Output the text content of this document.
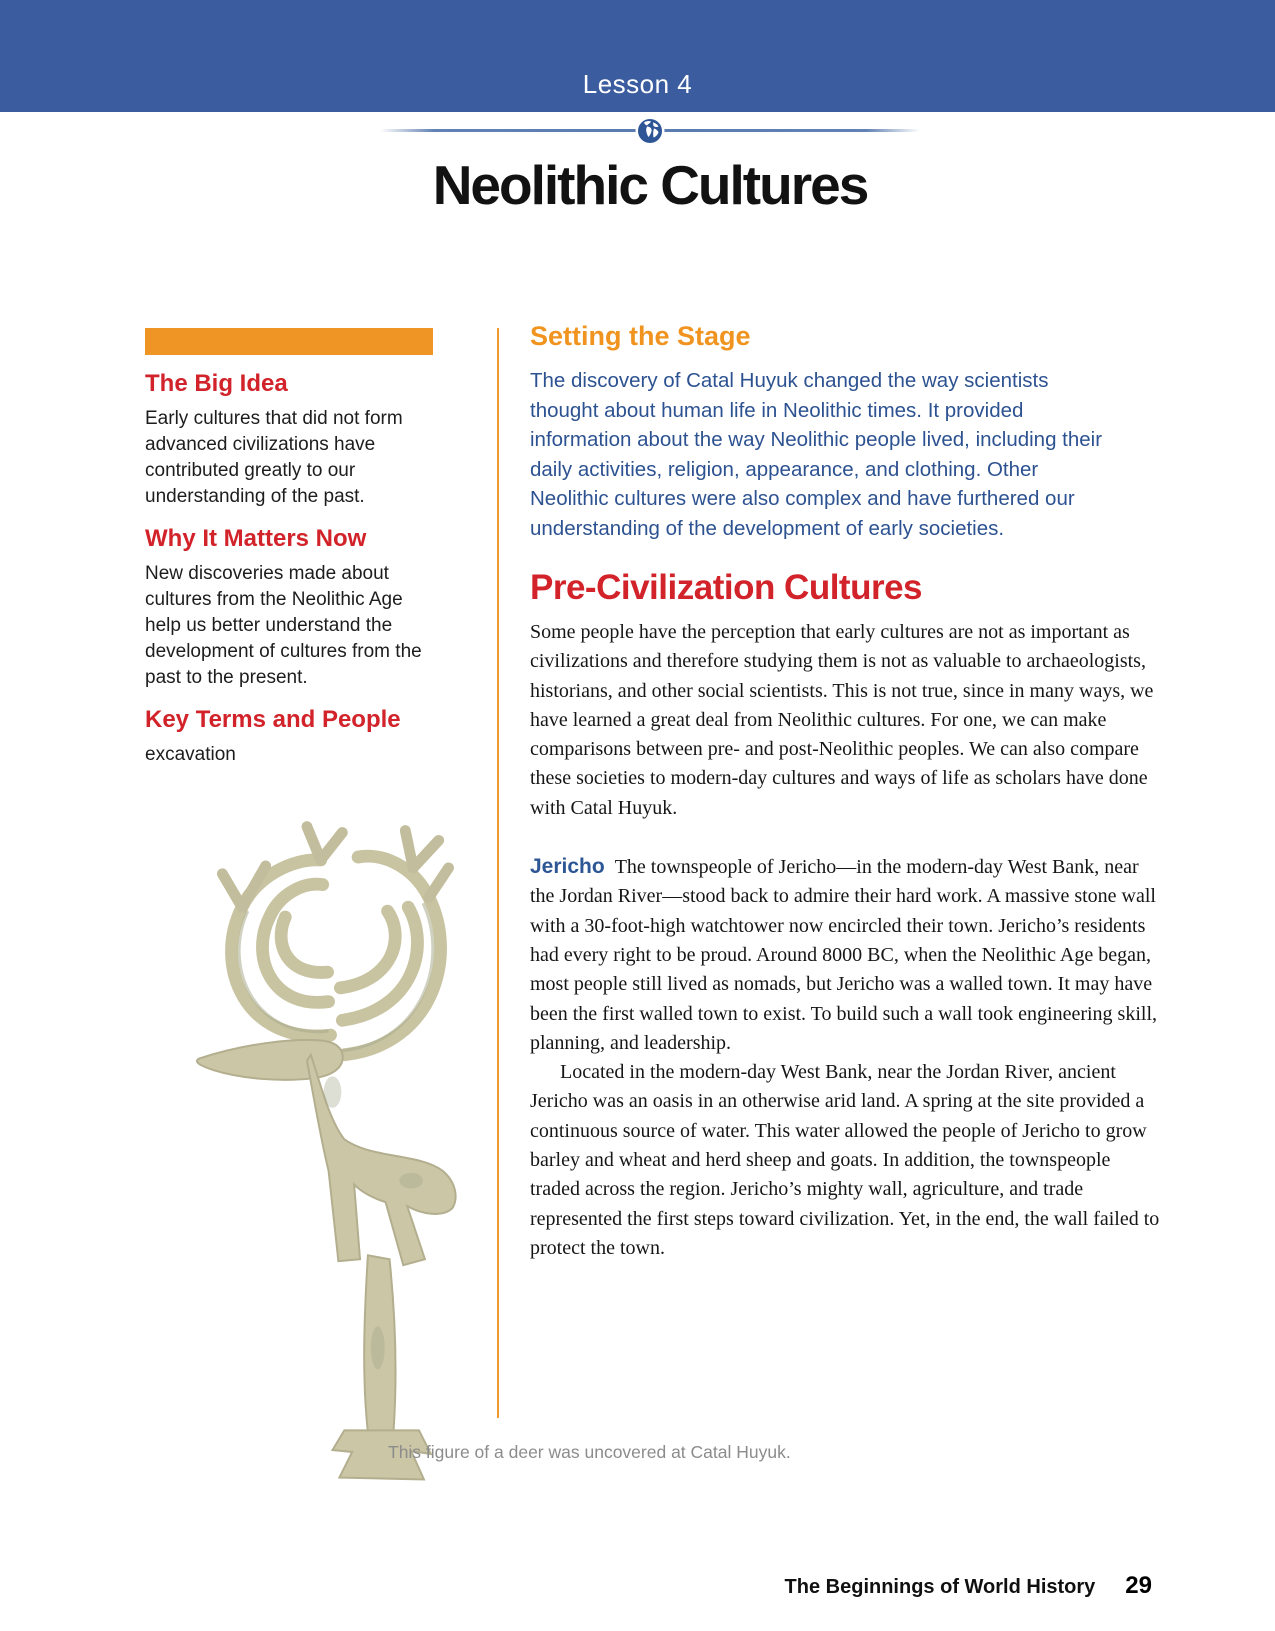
Lesson 4
Neolithic Cultures
The Big Idea

Early cultures that did not form advanced civilizations have contributed greatly to our understanding of the past.

Why It Matters Now

New discoveries made about cultures from the Neolithic Age help us better understand the development of cultures from the past to the present.

Key Terms and People

excavation

This figure of a deer was uncovered at Catal Huyuk.
Setting the Stage

The discovery of Catal Huyuk changed the way scientists thought about human life in Neolithic times. It provided information about the way Neolithic people lived, including their daily activities, religion, appearance, and clothing. Other Neolithic cultures were also complex and have furthered our understanding of the development of early societies.

Pre-Civilization Cultures

Some people have the perception that early cultures are not as important as civilizations and therefore studying them is not as valuable to archaeologists, historians, and other social scientists. This is not true, since in many ways, we have learned a great deal from Neolithic cultures. For one, we can make comparisons between pre- and post-Neolithic peoples. We can also compare these societies to modern-day cultures and ways of life as scholars have done with Catal Huyuk.

Jericho The townspeople of Jericho—in the modern-day West Bank, near the Jordan River—stood back to admire their hard work. A massive stone wall with a 30-foot-high watchtower now encircled their town. Jericho’s residents had every right to be proud. Around 8000 BC, when the Neolithic Age began, most people still lived as nomads, but Jericho was a walled town. It may have been the first walled town to exist. To build such a wall took engineering skill, planning, and leadership.

Located in the modern-day West Bank, near the Jordan River, ancient Jericho was an oasis in an otherwise arid land. A spring at the site provided a continuous source of water. This water allowed the people of Jericho to grow barley and wheat and herd sheep and goats. In addition, the townspeople traded across the region. Jericho’s mighty wall, agriculture, and trade represented the first steps toward civilization. Yet, in the end, the wall failed to protect the town.

The Beginnings of World History 29
